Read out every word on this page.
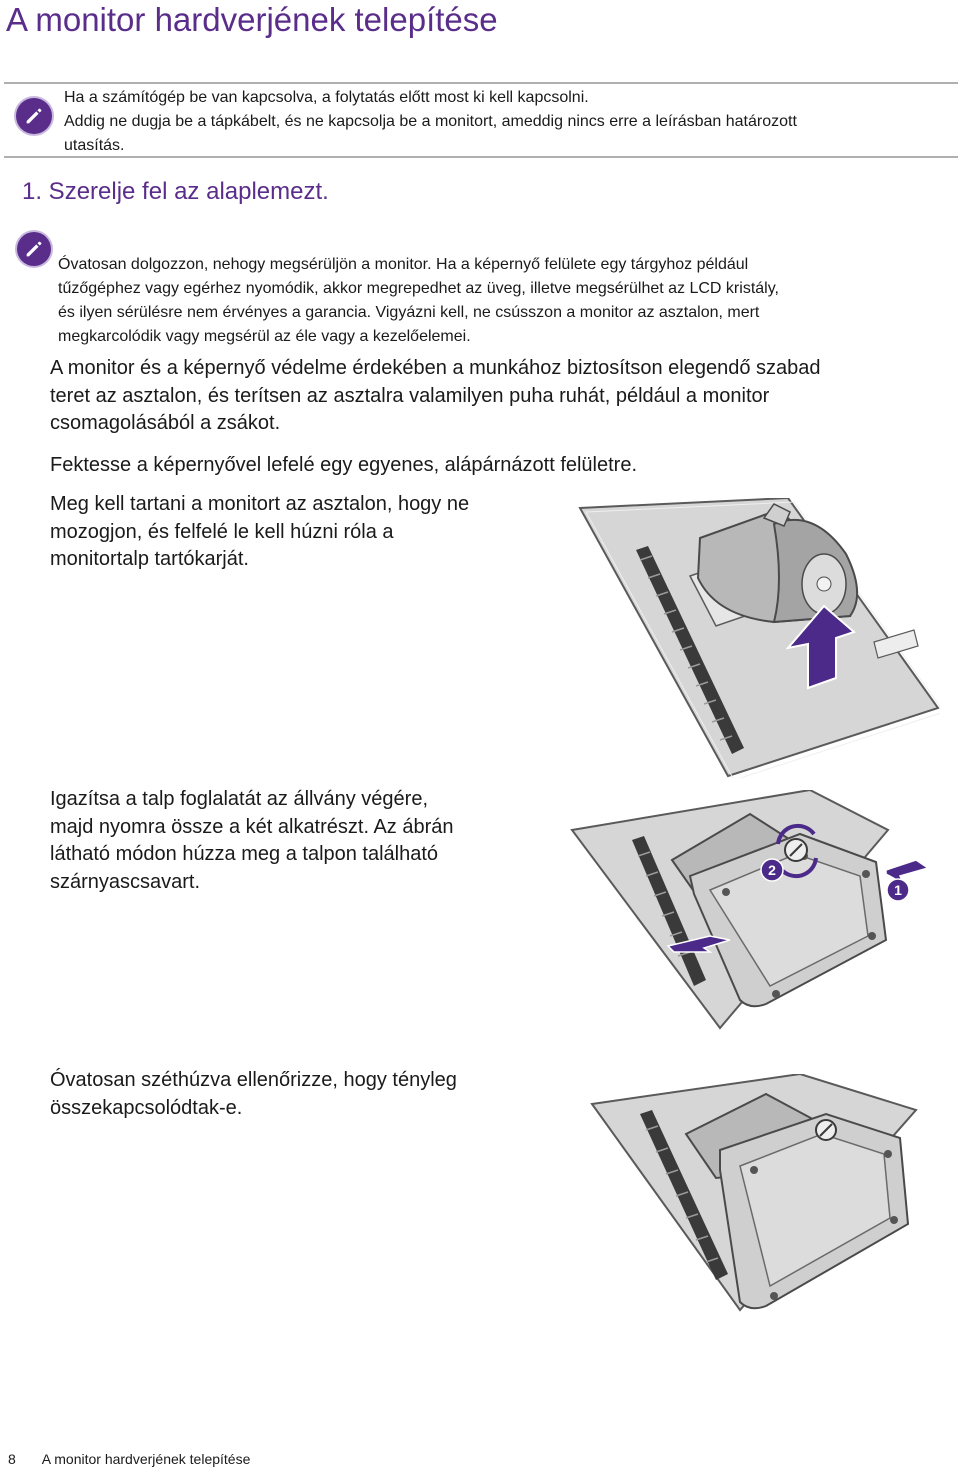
A monitor hardverjének telepítése
Ha a számítógép be van kapcsolva, a folytatás előtt most ki kell kapcsolni.
Addig ne dugja be a tápkábelt, és ne kapcsolja be a monitort, ameddig nincs erre a leírásban határozott
utasítás.
1. Szerelje fel az alaplemezt.
Óvatosan dolgozzon, nehogy megsérüljön a monitor. Ha a képernyő felülete egy tárgyhoz például
tűzőgéphez vagy egérhez nyomódik, akkor megrepedhet az üveg, illetve megsérülhet az LCD kristály,
és ilyen sérülésre nem érvényes a garancia. Vigyázni kell, ne csússzon a monitor az asztalon, mert
megkarcolódik vagy megsérül az éle vagy a kezelőelemei.
A monitor és a képernyő védelme érdekében a munkához biztosítson elegendő szabad
teret az asztalon, és terítsen az asztalra valamilyen puha ruhát, például a monitor
csomagolásából a zsákot.
Fektesse a képernyővel lefelé egy egyenes, alápárnázott felületre.
Meg kell tartani a monitort az asztalon, hogy ne
mozogjon, és felfelé le kell húzni róla a
monitortalp tartókarját.
Igazítsa a talp foglalatát az állvány végére,
majd nyomra össze a két alkatrészt. Az ábrán
látható módon húzza meg a talpon található
szárnyascsavart.
2
1
Óvatosan széthúzva ellenőrizze, hogy tényleg
összekapcsolódtak-e.
8 A monitor hardverjének telepítése
